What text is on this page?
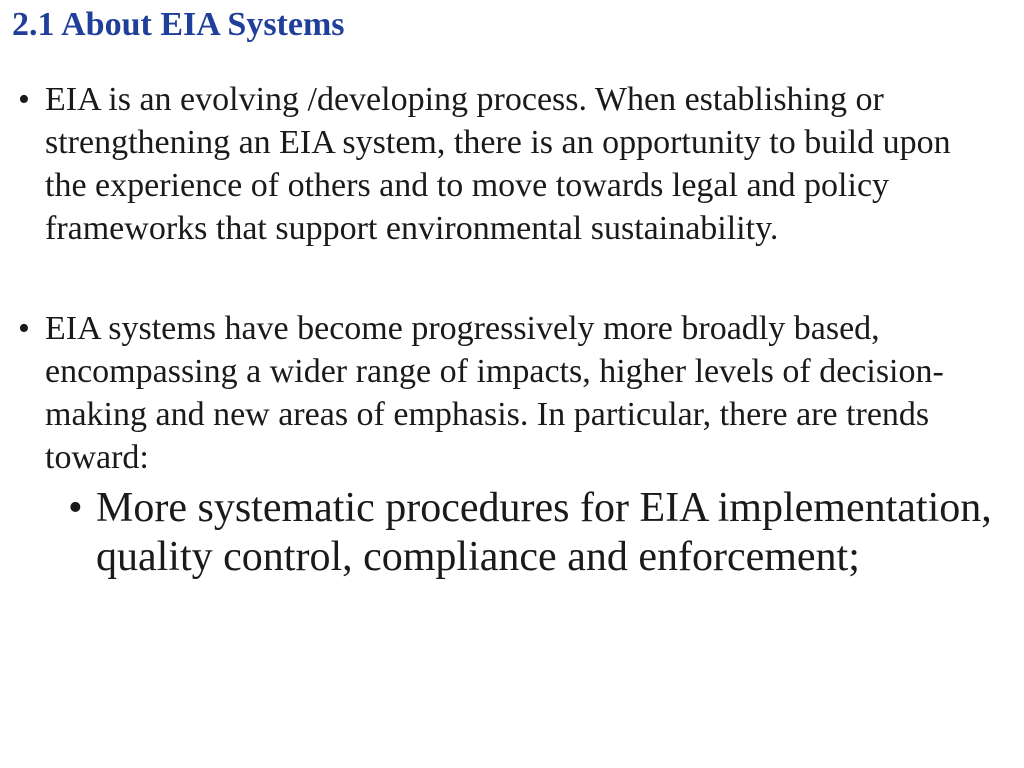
2.1 About EIA Systems
• EIA is an evolving /developing process. When establishing or strengthening an EIA system, there is an opportunity to build upon the experience of others and to move towards legal and policy frameworks that support environmental sustainability.
• EIA systems have become progressively more broadly based, encompassing a wider range of impacts, higher levels of decision-making and new areas of emphasis. In particular, there are trends toward:
• More systematic procedures for EIA implementation, quality control, compliance and enforcement;
